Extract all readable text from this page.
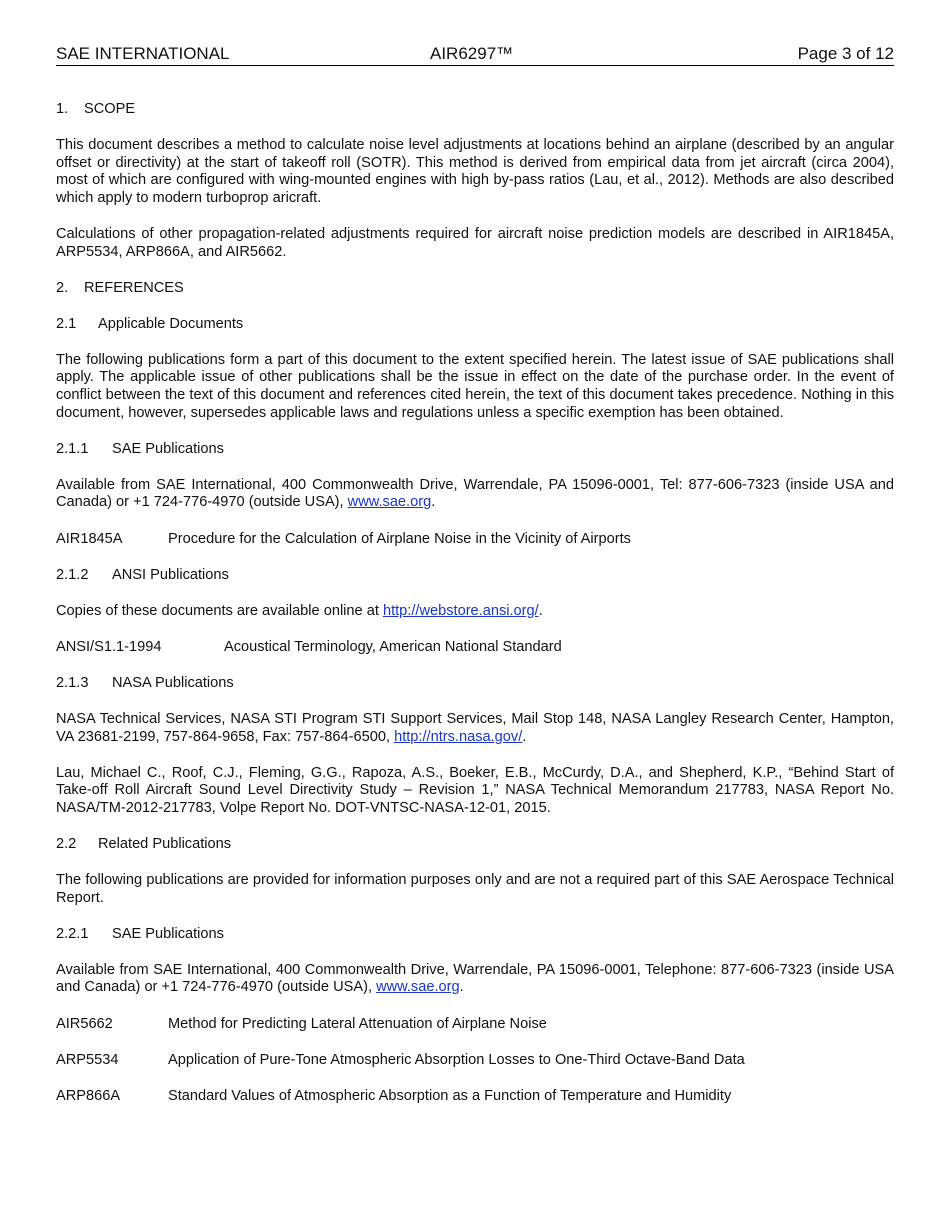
SAE INTERNATIONAL	AIR6297™	Page 3 of 12
1. SCOPE

This document describes a method to calculate noise level adjustments at locations behind an airplane (described by an angular offset or directivity) at the start of takeoff roll (SOTR). This method is derived from empirical data from jet aircraft (circa 2004), most of which are configured with wing-mounted engines with high by-pass ratios (Lau, et al., 2012). Methods are also described which apply to modern turboprop aricraft.

Calculations of other propagation-related adjustments required for aircraft noise prediction models are described in AIR1845A, ARP5534, ARP866A, and AIR5662.

2. REFERENCES
2.1 Applicable Documents

The following publications form a part of this document to the extent specified herein. The latest issue of SAE publications shall apply. The applicable issue of other publications shall be the issue in effect on the date of the purchase order. In the event of conflict between the text of this document and references cited herein, the text of this document takes precedence. Nothing in this document, however, supersedes applicable laws and regulations unless a specific exemption has been obtained.

2.1.1 SAE Publications

Available from SAE International, 400 Commonwealth Drive, Warrendale, PA 15096-0001, Tel: 877-606-7323 (inside USA and Canada) or +1 724-776-4970 (outside USA), www.sae.org.

AIR1845A	Procedure for the Calculation of Airplane Noise in the Vicinity of Airports
2.1.2 ANSI Publications

Copies of these documents are available online at http://webstore.ansi.org/.

ANSI/S1.1-1994	Acoustical Terminology, American National Standard
2.1.3 NASA Publications

NASA Technical Services, NASA STI Program STI Support Services, Mail Stop 148, NASA Langley Research Center, Hampton, VA 23681-2199, 757-864-9658, Fax: 757-864-6500, http://ntrs.nasa.gov/.

Lau, Michael C., Roof, C.J., Fleming, G.G., Rapoza, A.S., Boeker, E.B., McCurdy, D.A., and Shepherd, K.P., “Behind Start of Take-off Roll Aircraft Sound Level Directivity Study – Revision 1,” NASA Technical Memorandum 217783, NASA Report No. NASA/TM-2012-217783, Volpe Report No. DOT-VNTSC-NASA-12-01, 2015.

2.2 Related Publications

The following publications are provided for information purposes only and are not a required part of this SAE Aerospace Technical Report.

2.2.1 SAE Publications

Available from SAE International, 400 Commonwealth Drive, Warrendale, PA 15096-0001, Telephone: 877-606-7323 (inside USA and Canada) or +1 724-776-4970 (outside USA), www.sae.org.

AIR5662	Method for Predicting Lateral Attenuation of Airplane Noise
ARP5534	Application of Pure-Tone Atmospheric Absorption Losses to One-Third Octave-Band Data
ARP866A	Standard Values of Atmospheric Absorption as a Function of Temperature and Humidity
